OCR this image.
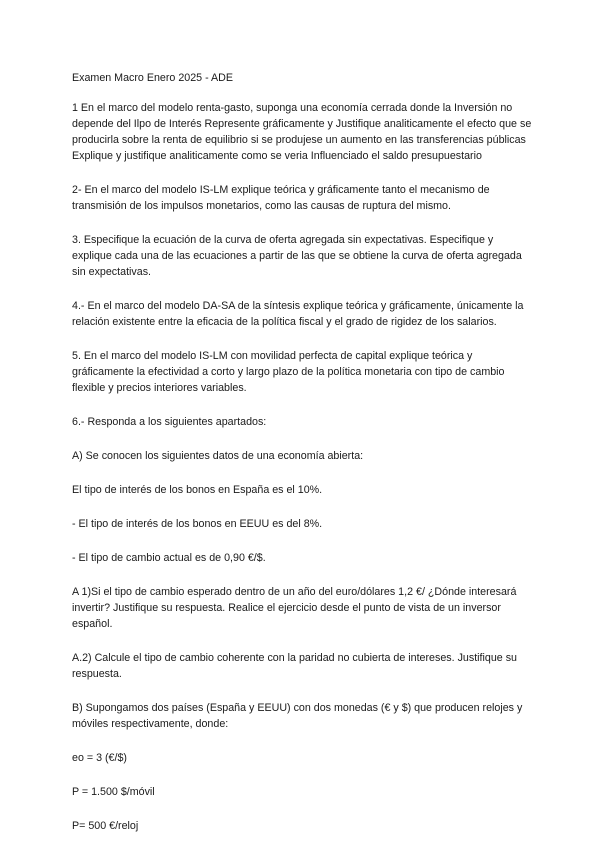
Examen Macro Enero 2025 - ADE

1 En el marco del modelo renta-gasto, suponga una economía cerrada donde la Inversión no depende del Ilpo de Interés Represente gráficamente y Justifique analiticamente el efecto que se producirla sobre la renta de equilibrio si se produjese un aumento en las transferencias públicas Explique y justifique analiticamente como se veria Influenciado el saldo presupuestario

2- En el marco del modelo IS-LM explique teórica y gráficamente tanto el mecanismo de transmisión de los impulsos monetarios, como las causas de ruptura del mismo.

3. Especifique la ecuación de la curva de oferta agregada sin expectativas. Especifique y explique cada una de las ecuaciones a partir de las que se obtiene la curva de oferta agregada sin expectativas.

4.- En el marco del modelo DA-SA de la síntesis explique teórica y gráficamente, únicamente la relación existente entre la eficacia de la política fiscal y el grado de rigidez de los salarios.

5. En el marco del modelo IS-LM con movilidad perfecta de capital explique teórica y gráficamente la efectividad a corto y largo plazo de la política monetaria con tipo de cambio flexible y precios interiores variables.

6.- Responda a los siguientes apartados:

A) Se conocen los siguientes datos de una economía abierta:

El tipo de interés de los bonos en España es el 10%.

- El tipo de interés de los bonos en EEUU es del 8%.

- El tipo de cambio actual es de 0,90 €/$.

A 1)Si el tipo de cambio esperado dentro de un año del euro/dólares 1,2 €/ ¿Dónde interesará invertir? Justifique su respuesta. Realice el ejercicio desde el punto de vista de un inversor español.

A.2) Calcule el tipo de cambio coherente con la paridad no cubierta de intereses. Justifique su respuesta.

B) Supongamos dos países (España y EEUU) con dos monedas (€ y $) que producen relojes y móviles respectivamente, donde:

eo = 3 (€/$)

P = 1.500 $/móvil

P= 500 €/reloj
